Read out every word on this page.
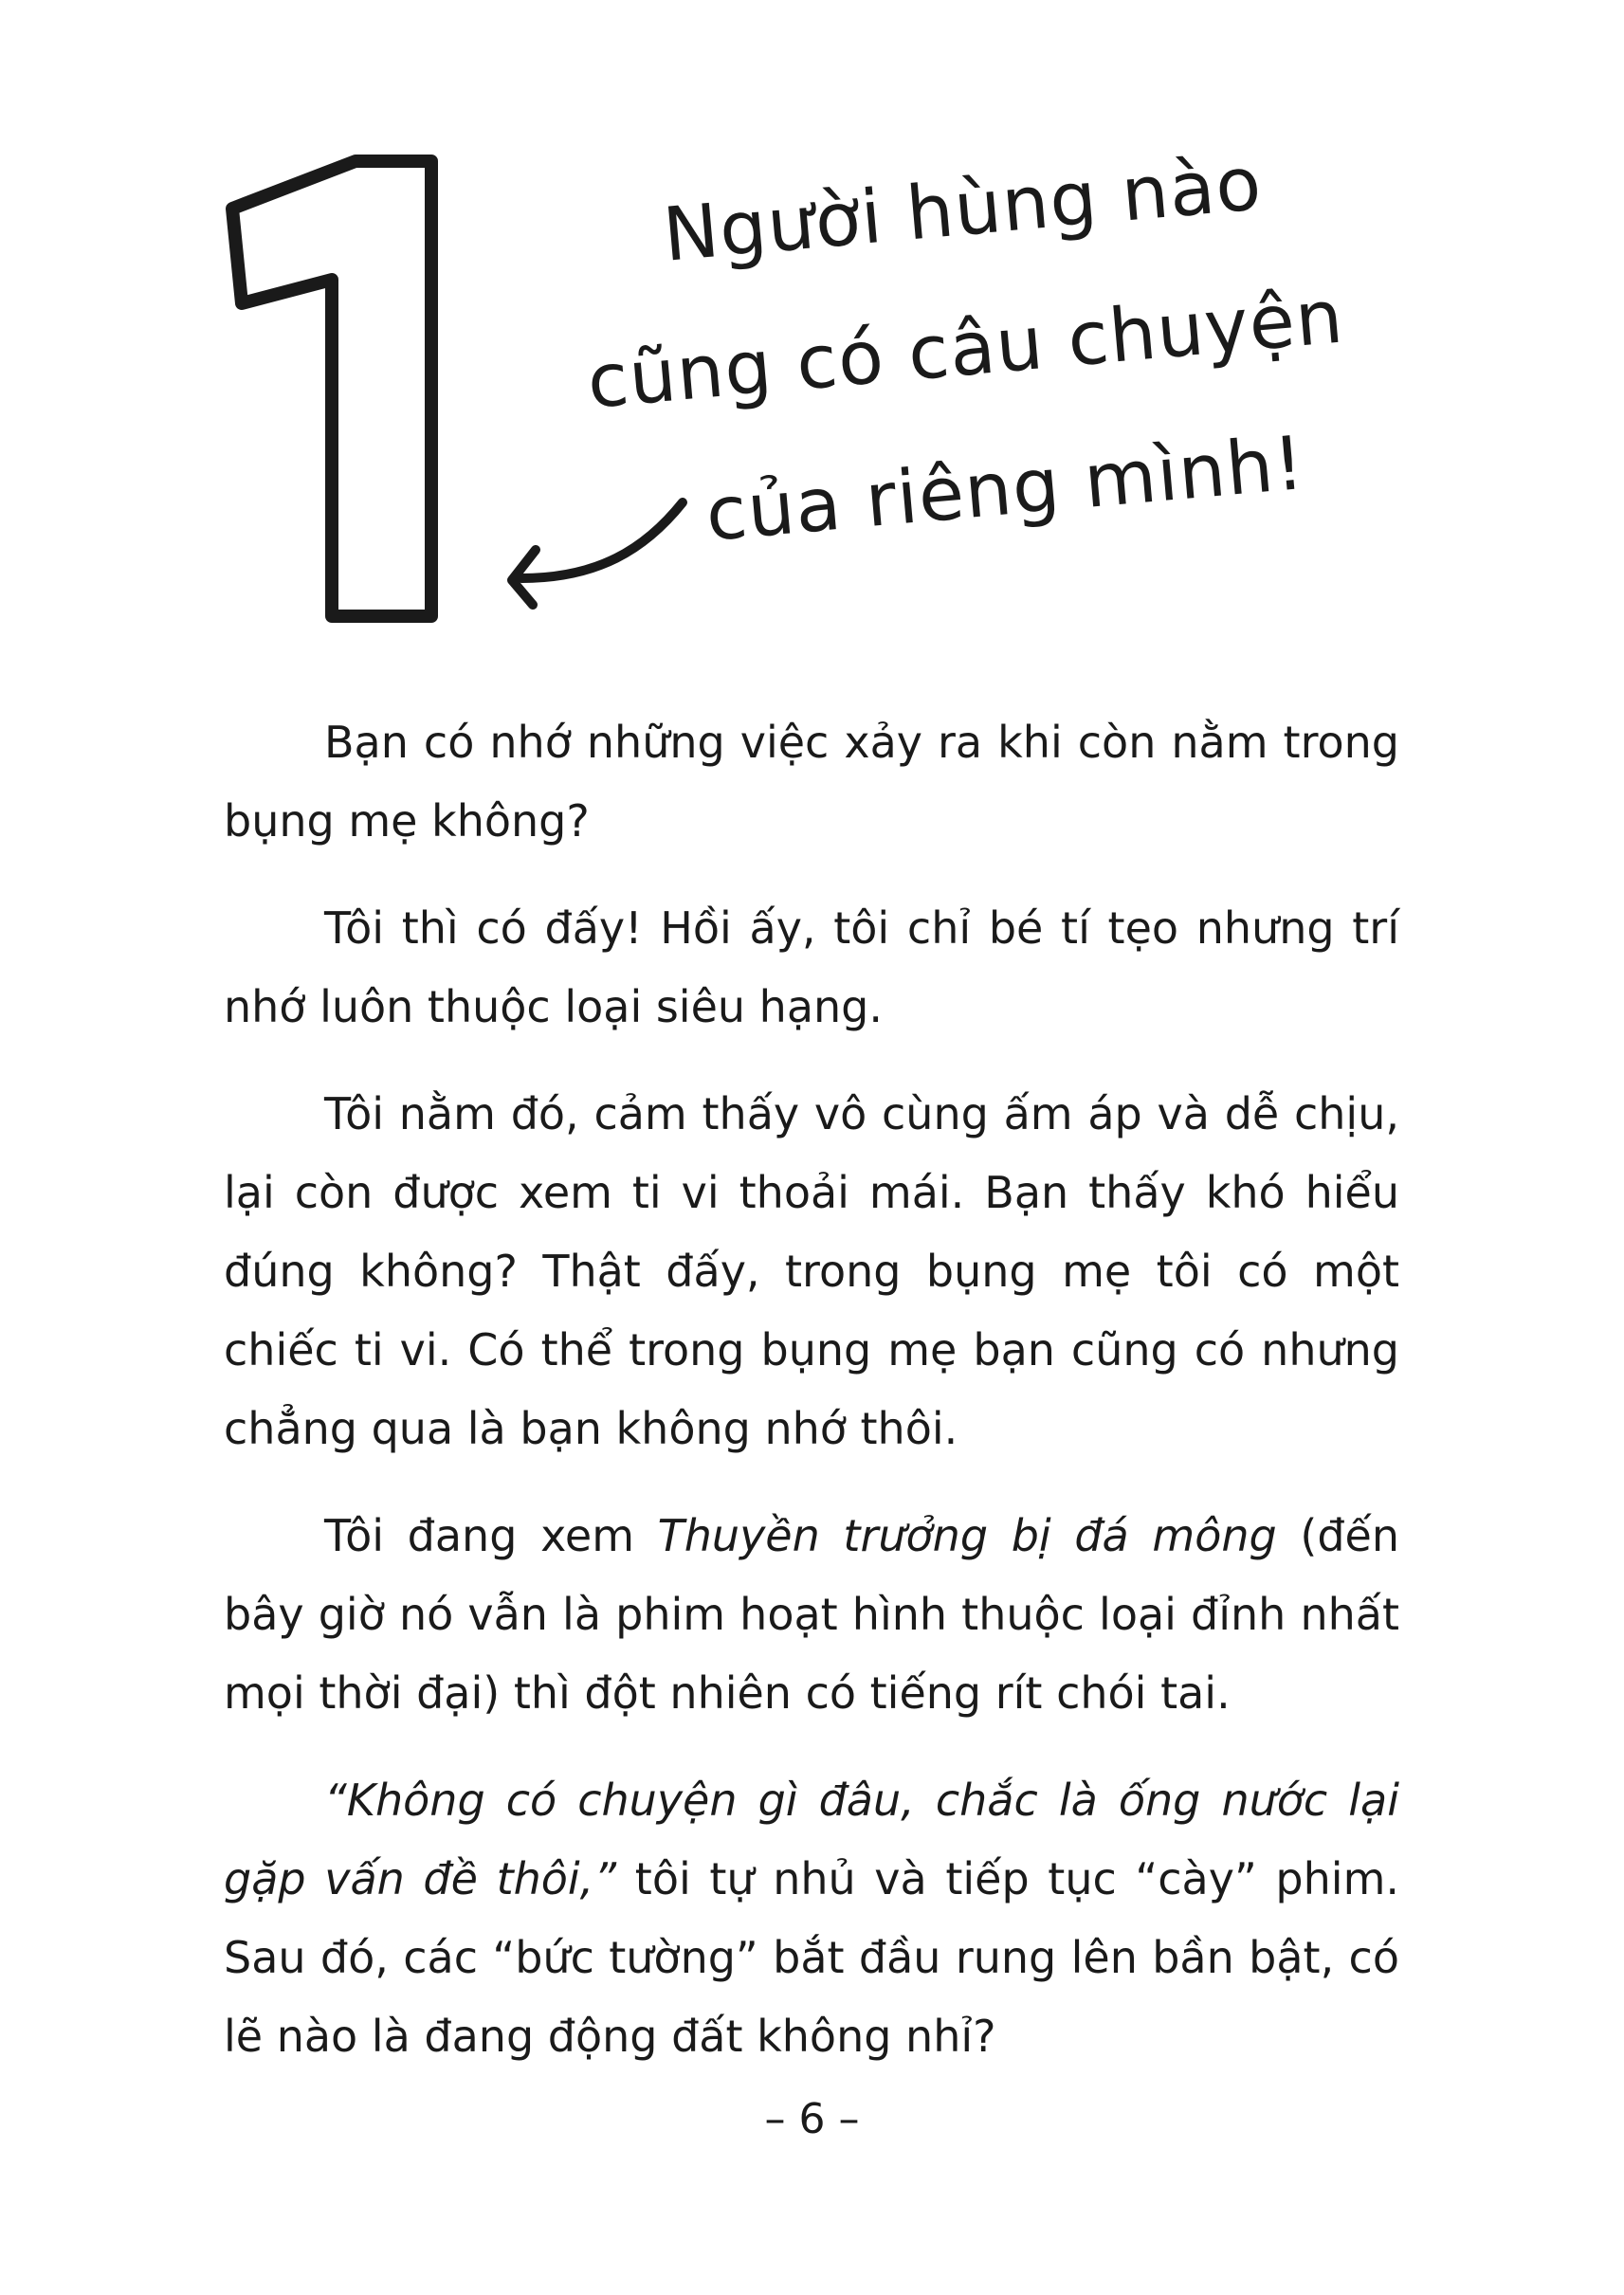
Người hùng nào
cũng có câu chuyện
của riêng mình!

Bạn có nhớ những việc xảy ra khi còn nằm trong bụng mẹ không?

Tôi thì có đấy! Hồi ấy, tôi chỉ bé tí tẹo nhưng trí nhớ luôn thuộc loại siêu hạng.

Tôi nằm đó, cảm thấy vô cùng ấm áp và dễ chịu, lại còn được xem ti vi thoải mái. Bạn thấy khó hiểu đúng không? Thật đấy, trong bụng mẹ tôi có một chiếc ti vi. Có thể trong bụng mẹ bạn cũng có nhưng chẳng qua là bạn không nhớ thôi.

Tôi đang xem Thuyền trưởng bị đá mông (đến bây giờ nó vẫn là phim hoạt hình thuộc loại đỉnh nhất mọi thời đại) thì đột nhiên có tiếng rít chói tai.

“Không có chuyện gì đâu, chắc là ống nước lại gặp vấn đề thôi,” tôi tự nhủ và tiếp tục “cày” phim. Sau đó, các “bức tường” bắt đầu rung lên bần bật, có lẽ nào là đang động đất không nhỉ?

– 6 –
